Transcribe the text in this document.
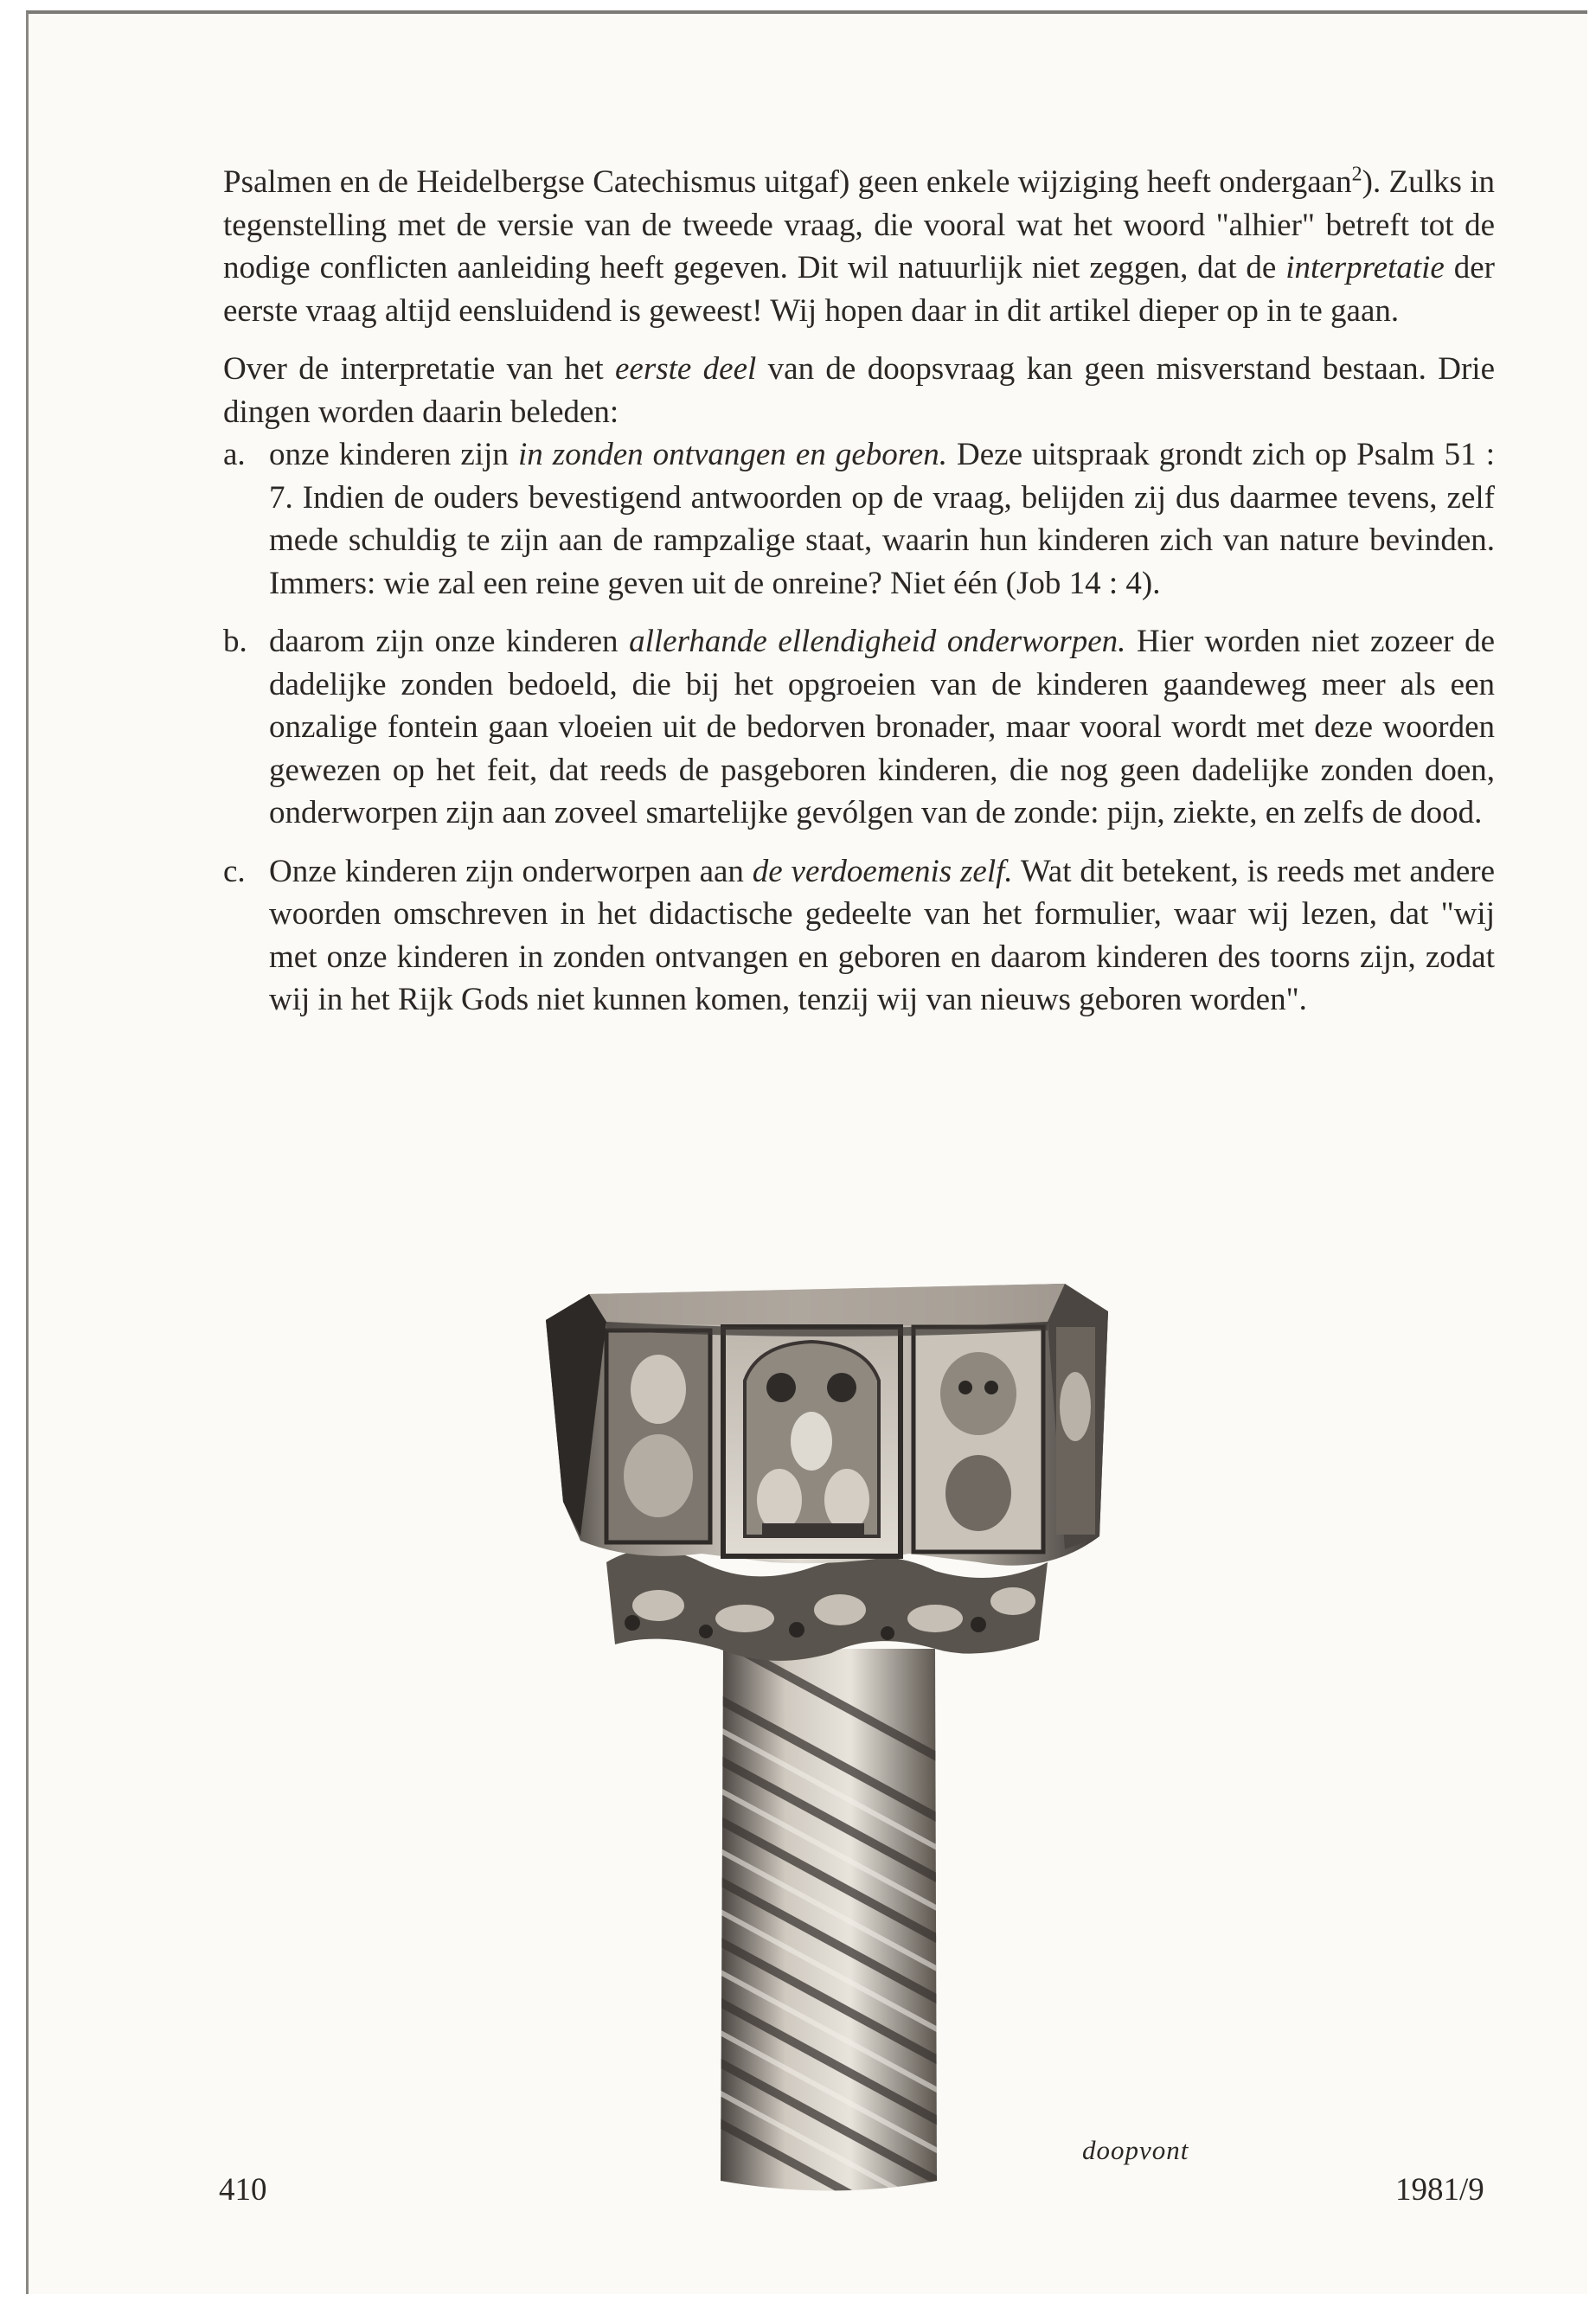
Psalmen en de Heidelbergse Catechismus uitgaf) geen enkele wijziging heeft ondergaan$^2$). Zulks in tegenstelling met de versie van de tweede vraag, die vooral wat het woord "alhier" betreft tot de nodige conflicten aanleiding heeft gegeven. Dit wil natuurlijk niet zeggen, dat de interpretatie der eerste vraag altijd eensluidend is geweest! Wij hopen daar in dit artikel dieper op in te gaan.

Over de interpretatie van het eerste deel van de doopsvraag kan geen misverstand bestaan. Drie dingen worden daarin beleden:

a. onze kinderen zijn in zonden ontvangen en geboren. Deze uitspraak grondt zich op Psalm 51 : 7. Indien de ouders bevestigend antwoorden op de vraag, belijden zij dus daarmee tevens, zelf mede schuldig te zijn aan de rampzalige staat, waarin hun kinderen zich van nature bevinden. Immers: wie zal een reine geven uit de onreine? Niet één (Job 14 : 4).
b. daarom zijn onze kinderen allerhande ellendigheid onderworpen. Hier worden niet zozeer de dadelijke zonden bedoeld, die bij het opgroeien van de kinderen gaandeweg meer als een onzalige fontein gaan vloeien uit de bedorven bronader, maar vooral wordt met deze woorden gewezen op het feit, dat reeds de pasgeboren kinderen, die nog geen dadelijke zonden doen, onderworpen zijn aan zoveel smartelijke gevólgen van de zonde: pijn, ziekte, en zelfs de dood.
c. Onze kinderen zijn onderworpen aan de verdoemenis zelf. Wat dit betekent, is reeds met andere woorden omschreven in het didactische gedeelte van het formulier, waar wij lezen, dat "wij met onze kinderen in zonden ontvangen en geboren en daarom kinderen des toorns zijn, zodat wij in het Rijk Gods niet kunnen komen, tenzij wij van nieuws geboren worden".
doopvont
410	1981/9
